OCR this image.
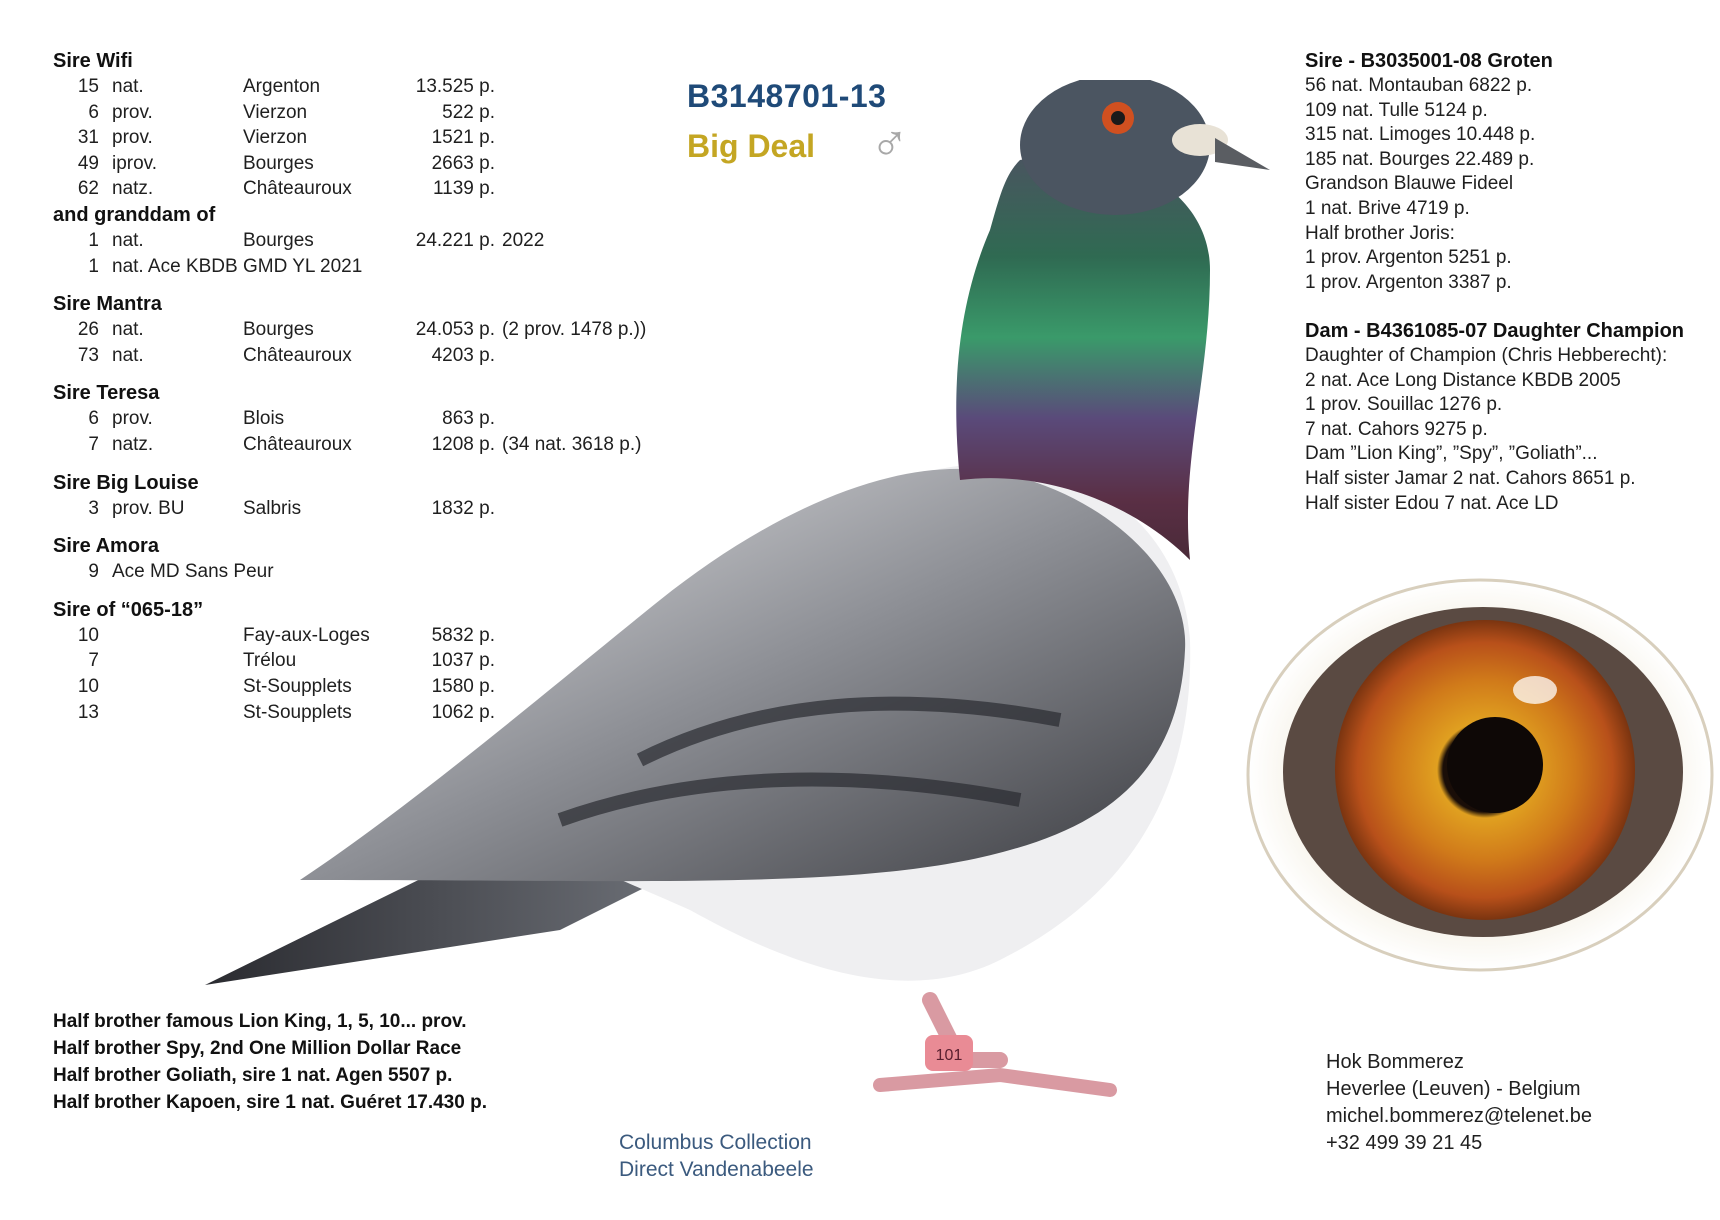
B3148701-13
Big Deal ♂
Sire Wifi
15 nat.	Argenton	13.525 p.
6 prov.	Vierzon	522 p.
31 prov.	Vierzon	1521 p.
49 iprov.	Bourges	2663 p.
62 natz.	Châteauroux	1139 p.
and granddam of
1 nat.	Bourges	24.221 p. 2022
1 nat. Ace KBDB GMD YL 2021
Sire Mantra
26 nat.	Bourges	24.053 p. (2 prov. 1478 p.))
73 nat.	Châteauroux	4203 p.
Sire Teresa
6 prov.	Blois	863 p.
7 natz.	Châteauroux	1208 p. (34 nat. 3618 p.)
Sire Big Louise
3 prov. BU	Salbris	1832 p.
Sire Amora
9 Ace MD Sans Peur
Sire of “065-18”
10	Fay-aux-Loges	5832 p.
7	Trélou	1037 p.
10	St-Soupplets	1580 p.
13	St-Soupplets	1062 p.
101
Sire - B3035001-08 Groten
56 nat. Montauban 6822 p.
109 nat. Tulle 5124 p.
315 nat. Limoges 10.448 p.
185 nat. Bourges 22.489 p.
Grandson Blauwe Fideel
1 nat. Brive 4719 p.
Half brother Joris:
1 prov. Argenton 5251 p.
1 prov. Argenton 3387 p.
Dam - B4361085-07 Daughter Champion
Daughter of Champion (Chris Hebberecht):
2 nat. Ace Long Distance KBDB 2005
1 prov. Souillac 1276 p.
7 nat. Cahors 9275 p.
Dam ”Lion King”, ”Spy”, ”Goliath”...
Half sister Jamar 2 nat. Cahors 8651 p.
Half sister Edou 7 nat. Ace LD
Half brother famous Lion King, 1, 5, 10... prov.
Half brother Spy, 2nd One Million Dollar Race
Half brother Goliath, sire 1 nat. Agen 5507 p.
Half brother Kapoen, sire 1 nat. Guéret 17.430 p.
Columbus Collection
Direct Vandenabeele
Hok Bommerez
Heverlee (Leuven) - Belgium
michel.bommerez@telenet.be
+32 499 39 21 45
